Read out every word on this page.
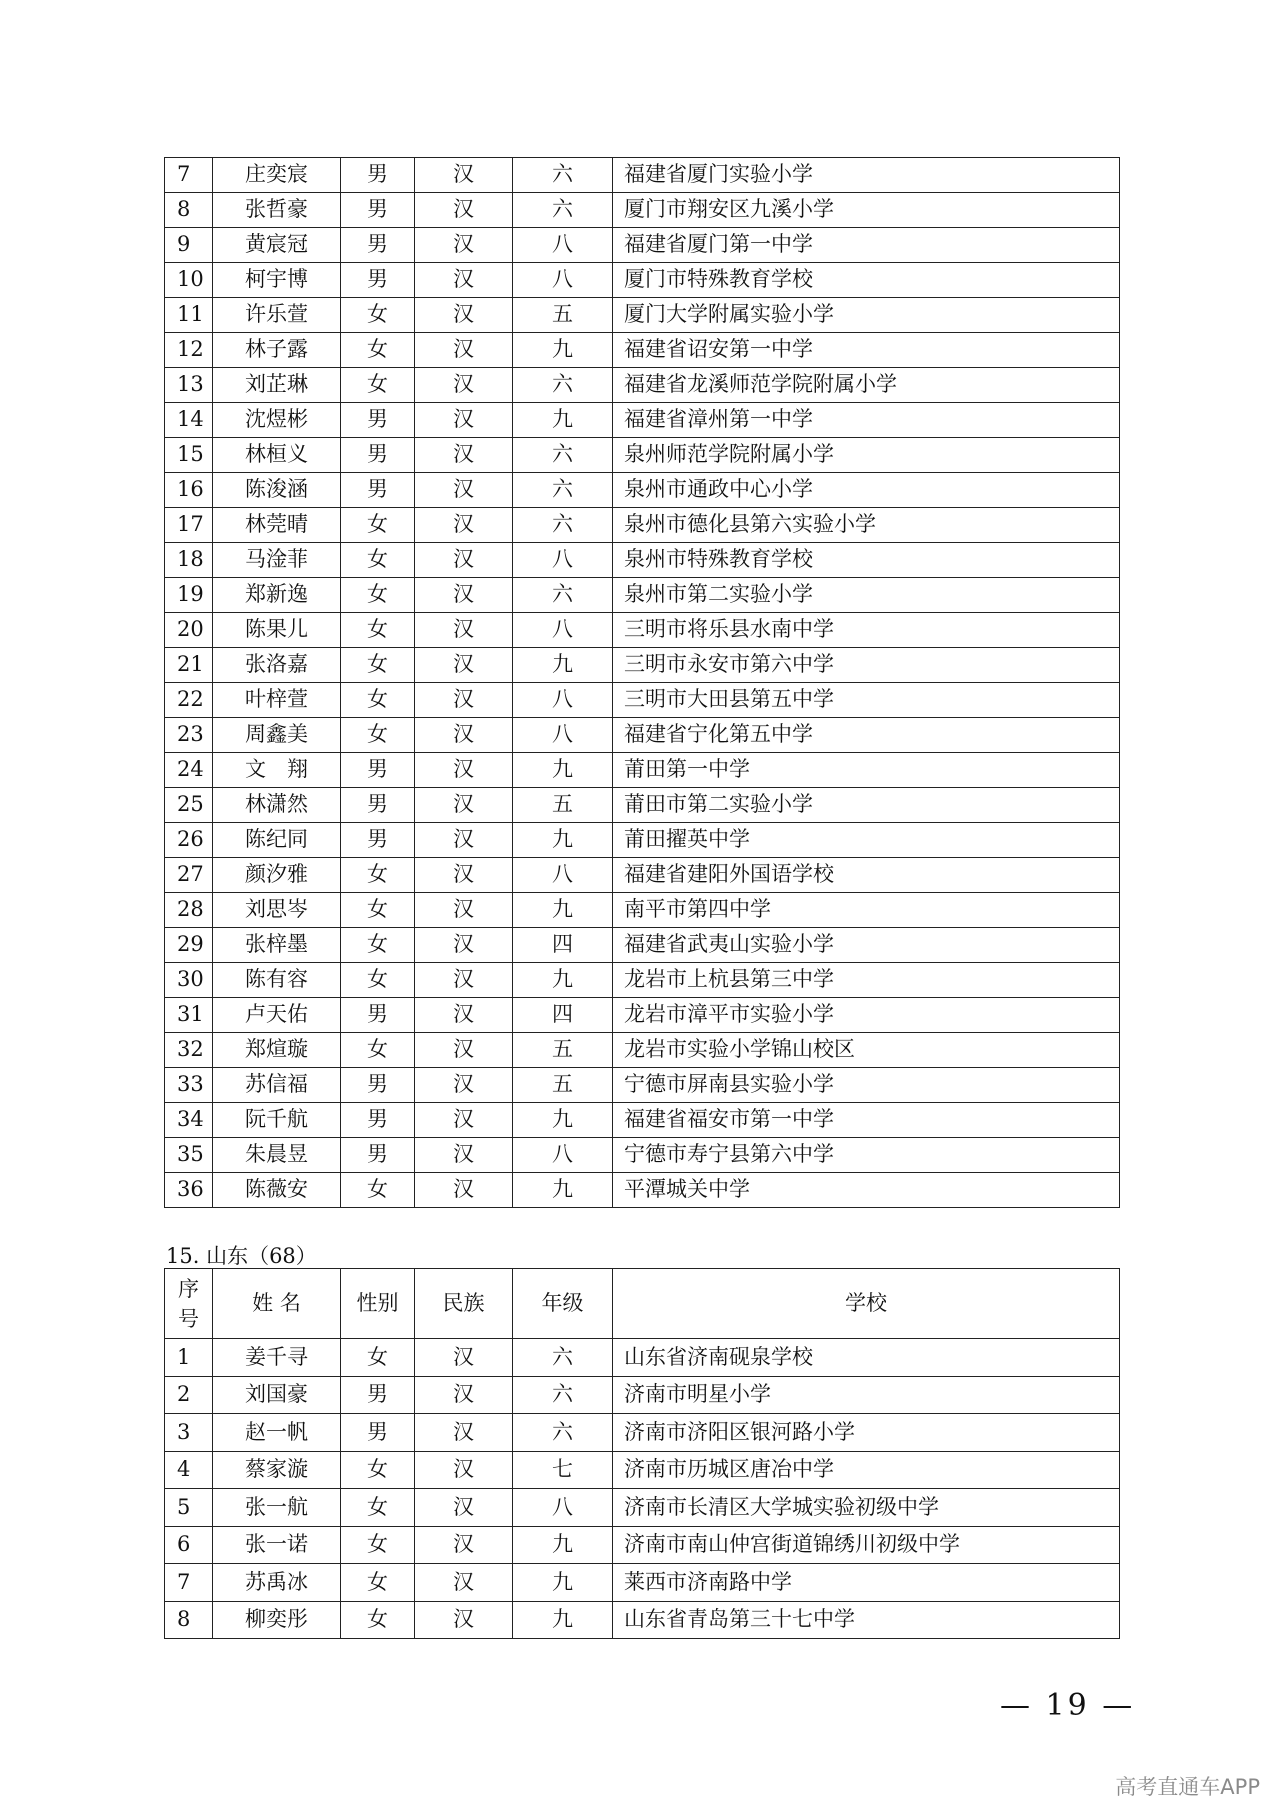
7	庄奕宸	男	汉	六	福建省厦门实验小学
8	张哲豪	男	汉	六	厦门市翔安区九溪小学
9	黄宸冠	男	汉	八	福建省厦门第一中学
10	柯宇博	男	汉	八	厦门市特殊教育学校
11	许乐萱	女	汉	五	厦门大学附属实验小学
12	林子露	女	汉	九	福建省诏安第一中学
13	刘芷琳	女	汉	六	福建省龙溪师范学院附属小学
14	沈煜彬	男	汉	九	福建省漳州第一中学
15	林桓义	男	汉	六	泉州师范学院附属小学
16	陈浚涵	男	汉	六	泉州市通政中心小学
17	林莞晴	女	汉	六	泉州市德化县第六实验小学
18	马淦菲	女	汉	八	泉州市特殊教育学校
19	郑新逸	女	汉	六	泉州市第二实验小学
20	陈果儿	女	汉	八	三明市将乐县水南中学
21	张洛嘉	女	汉	九	三明市永安市第六中学
22	叶梓萱	女	汉	八	三明市大田县第五中学
23	周鑫美	女	汉	八	福建省宁化第五中学
24	文　翔	男	汉	九	莆田第一中学
25	林潇然	男	汉	五	莆田市第二实验小学
26	陈纪同	男	汉	九	莆田擢英中学
27	颜汐雅	女	汉	八	福建省建阳外国语学校
28	刘思岑	女	汉	九	南平市第四中学
29	张梓墨	女	汉	四	福建省武夷山实验小学
30	陈有容	女	汉	九	龙岩市上杭县第三中学
31	卢天佑	男	汉	四	龙岩市漳平市实验小学
32	郑煊璇	女	汉	五	龙岩市实验小学锦山校区
33	苏信福	男	汉	五	宁德市屏南县实验小学
34	阮千航	男	汉	九	福建省福安市第一中学
35	朱晨昱	男	汉	八	宁德市寿宁县第六中学
36	陈薇安	女	汉	九	平潭城关中学
15. 山东（68）
序
号	姓 名	性别	民族	年级	学校
1	姜千寻	女	汉	六	山东省济南砚泉学校
2	刘国豪	男	汉	六	济南市明星小学
3	赵一帆	男	汉	六	济南市济阳区银河路小学
4	蔡家漩	女	汉	七	济南市历城区唐冶中学
5	张一航	女	汉	八	济南市长清区大学城实验初级中学
6	张一诺	女	汉	九	济南市南山仲宫街道锦绣川初级中学
7	苏禹冰	女	汉	九	莱西市济南路中学
8	柳奕彤	女	汉	九	山东省青岛第三十七中学
— 19 —
高考直通车APP
